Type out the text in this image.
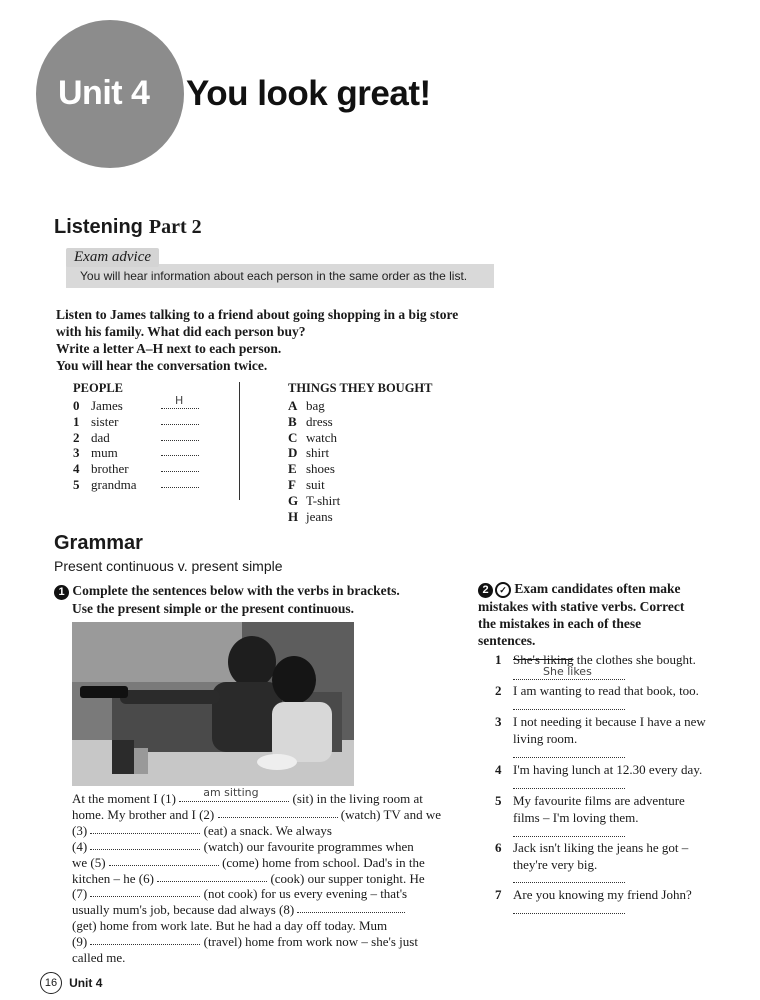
Unit 4 You look great!
Listening Part 2
You will hear information about each person in the same order as the list.
Exam advice
Listen to James talking to a friend about going shopping in a big store
with his family. What did each person buy?
Write a letter A–H next to each person.
You will hear the conversation twice.
PEOPLE
0 James	H
1 sister
2 dad
3 mum
4 brother
5 grandma
THINGS THEY BOUGHT
A bag
B dress
C watch
D shirt
E shoes
F suit
G T-shirt
H jeans
Grammar
Present continuous v. present simple
1 Complete the sentences below with the verbs in brackets.
Use the present simple or the present continuous.
At the moment I (1) am sitting	(sit) in the living room at
home. My brother and I (2)	(watch) TV and we
(3)	(eat) a snack. We always
(4)	(watch) our favourite programmes when
we (5)	(come) home from school. Dad's in the
kitchen – he (6)	(cook) our supper tonight. He
(7)	(not cook) for us every evening – that's
usually mum's job, because dad always (8)
(get) home from work late. But he had a day off today. Mum
(9)	(travel) home from work now – she's just
called me.
2 ✓ Exam candidates often make
mistakes with stative verbs. Correct
the mistakes in each of these
sentences.
1 She's liking the clothes she bought.
She likes
2 I am wanting to read that book, too.
3 I not needing it because I have a new
living room.
4 I'm having lunch at 12.30 every day.
5 My favourite films are adventure
films – I'm loving them.
6 Jack isn't liking the jeans he got –
they're very big.
7 Are you knowing my friend John?
16 Unit 4
